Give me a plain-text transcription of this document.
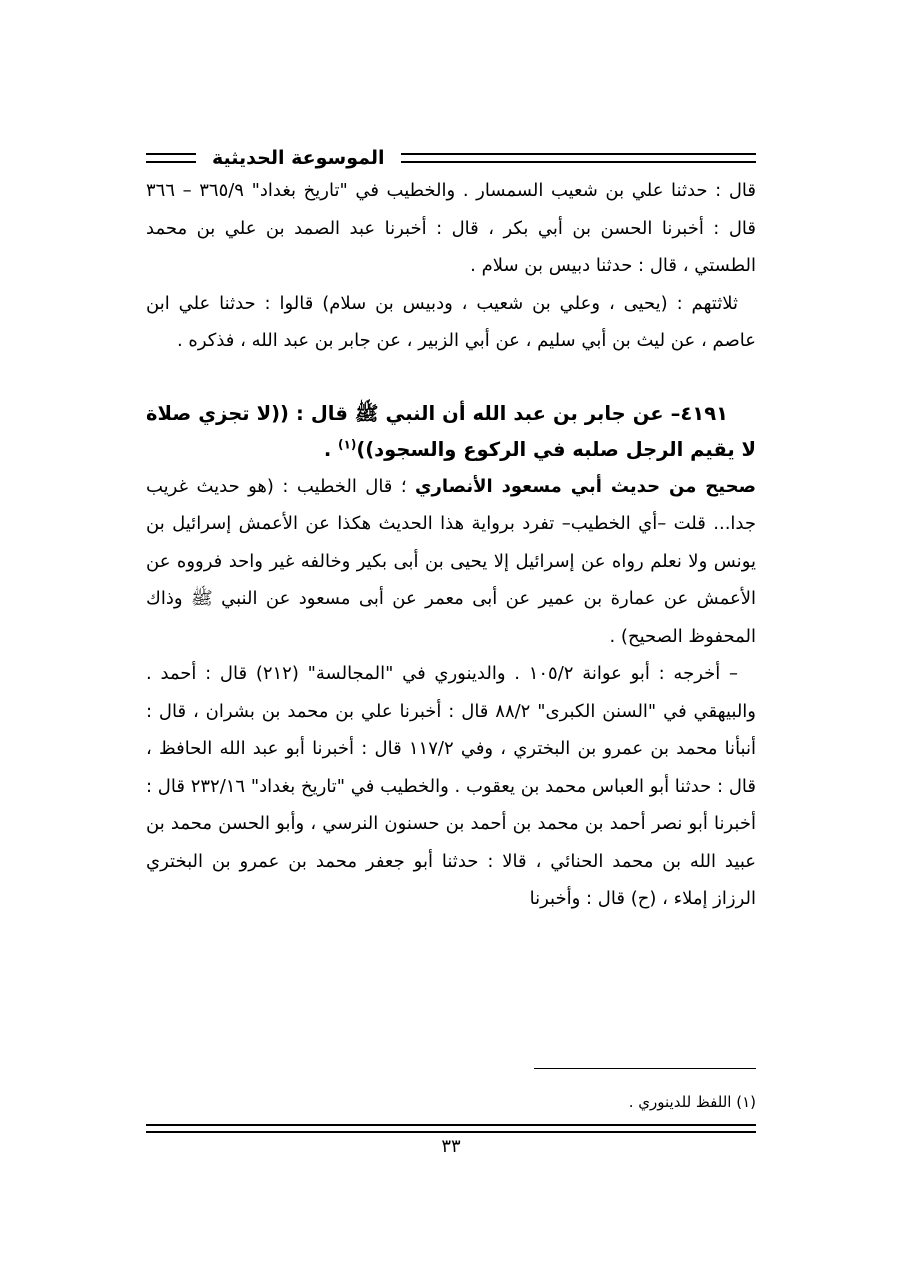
الموسوعة الحديثية

قال : حدثنا علي بن شعيب السمسار . والخطيب في "تاريخ بغداد" ٣٦٥/٩ – ٣٦٦ قال : أخبرنا الحسن بن أبي بكر ، قال : أخبرنا عبد الصمد بن علي بن محمد الطستي ، قال : حدثنا دبيس بن سلام .

ثلاثتهم : (يحيى ، وعلي بن شعيب ، ودبيس بن سلام) قالوا : حدثنا علي ابن عاصم ، عن ليث بن أبي سليم ، عن أبي الزبير ، عن جابر بن عبد الله ، فذكره .

٤١٩١– عن جابر بن عبد الله أن النبي ﷺ قال : ((لا تجزي صلاة لا يقيم الرجل صلبه في الركوع والسجود))$^{(١)}$ .

صحيح من حديث أبي مسعود الأنصاري ؛ قال الخطيب : (هو حديث غريب جدا... قلت –أي الخطيب– تفرد برواية هذا الحديث هكذا عن الأعمش إسرائيل بن يونس ولا نعلم رواه عن إسرائيل إلا يحيى بن أبى بكير وخالفه غير واحد فرووه عن الأعمش عن عمارة بن عمير عن أبى معمر عن أبى مسعود عن النبي ﷺ وذاك المحفوظ الصحيح) .

– أخرجه : أبو عوانة ١٠٥/٢ . والدينوري في "المجالسة" (٢١٢) قال : أحمد . والبيهقي في "السنن الكبرى" ٨٨/٢ قال : أخبرنا علي بن محمد بن بشران ، قال : أنبأنا محمد بن عمرو بن البختري ، وفي ١١٧/٢ قال : أخبرنا أبو عبد الله الحافظ ، قال : حدثنا أبو العباس محمد بن يعقوب . والخطيب في "تاريخ بغداد" ٢٣٢/١٦ قال : أخبرنا أبو نصر أحمد بن محمد بن أحمد بن حسنون النرسي ، وأبو الحسن محمد بن عبيد الله بن محمد الحنائي ، قالا : حدثنا أبو جعفر محمد بن عمرو بن البختري الرزاز إملاء ، (ح) قال : وأخبرنا

(١) اللفظ للدينوري .
٣٣
